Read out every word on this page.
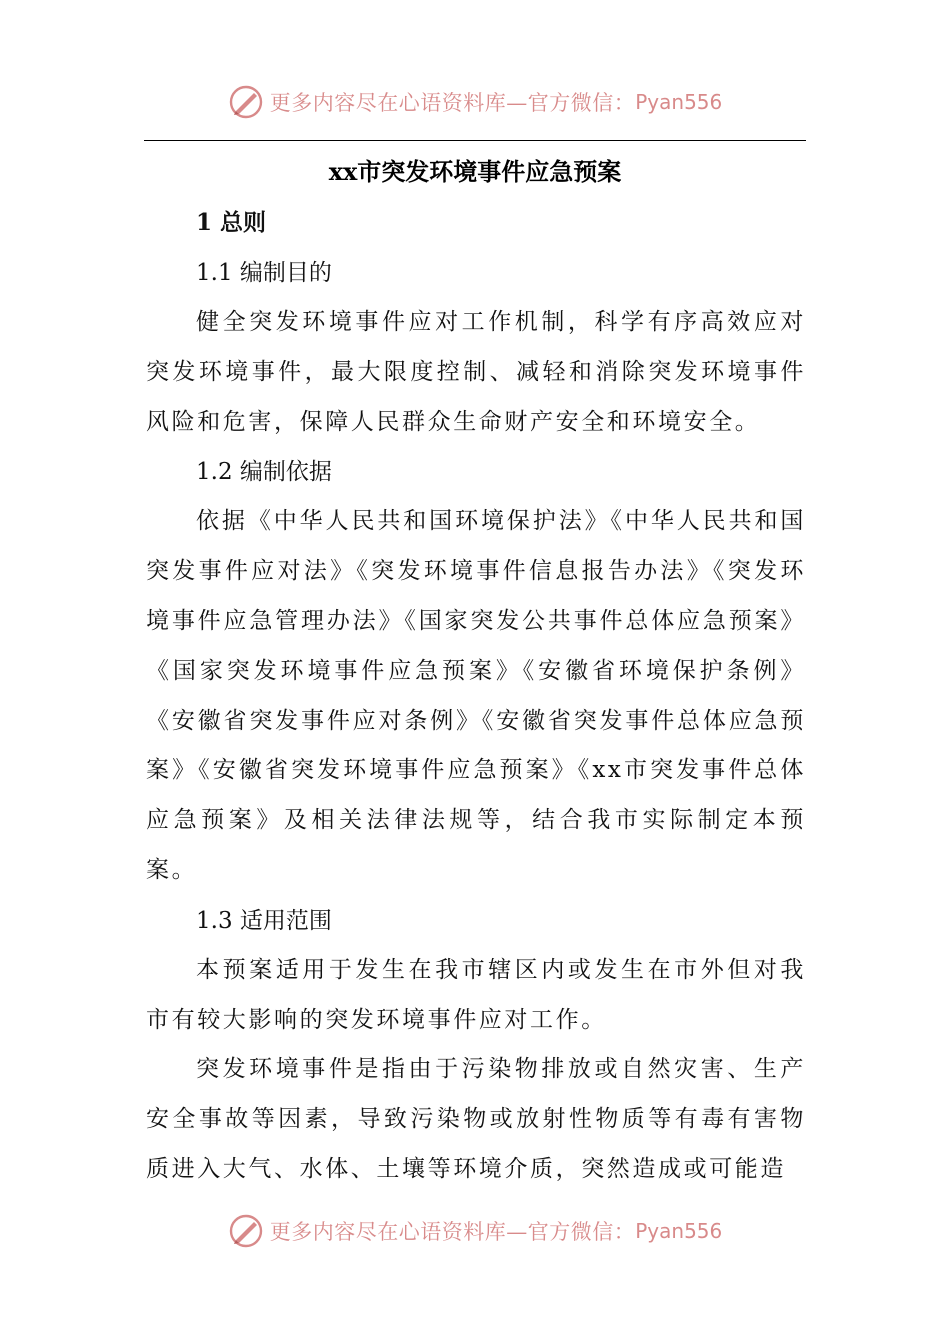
更多内容尽在心语资料库—官方微信： Pyan556
xx市突发环境事件应急预案
1 总则
1.1 编制目的

健全突发环境事件应对工作机制，科学有序高效应对突发环境事件，最大限度控制、减轻和消除突发环境事件风险和危害，保障人民群众生命财产安全和环境安全。

1.2 编制依据

依据《中华人民共和国环境保护法》《中华人民共和国突发事件应对法》《突发环境事件信息报告办法》《突发环境事件应急管理办法》《国家突发公共事件总体应急预案》《国家突发环境事件应急预案》《安徽省环境保护条例》《安徽省突发事件应对条例》《安徽省突发事件总体应急预案》《安徽省突发环境事件应急预案》《xx市突发事件总体应急预案》及相关法律法规等，结合我市实际制定本预案。

1.3 适用范围

本预案适用于发生在我市辖区内或发生在市外但对我市有较大影响的突发环境事件应对工作。

突发环境事件是指由于污染物排放或自然灾害、生产安全事故等因素，导致污染物或放射性物质等有毒有害物质进入大气、水体、土壤等环境介质，突然造成或可能造

更多内容尽在心语资料库—官方微信： Pyan556
